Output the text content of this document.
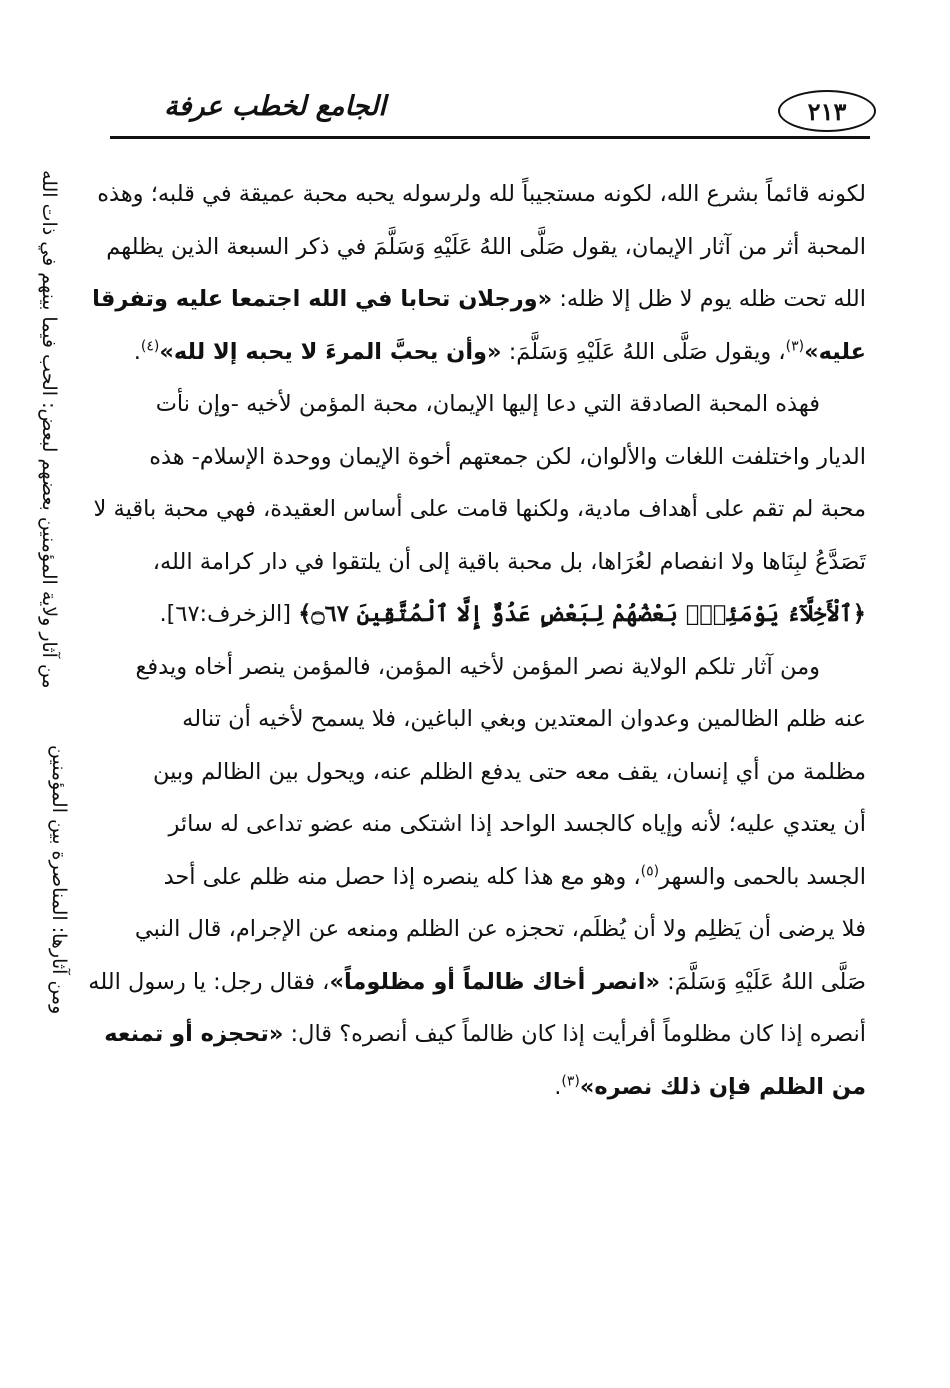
٢١٣
الجامع لخطب عرفة
من آثار ولاية المؤمنين بعضهم لبعض: الحب فيما بينهم في ذات الله
ومن آثارها: المناصرة بين المؤمنين

لكونه قائماً بشرع الله، لكونه مستجيباً لله ولرسوله يحبه محبة عميقة في قلبه؛ وهذه
المحبة أثر من آثار الإيمان، يقول صَلَّى اللهُ عَلَيْهِ وَسَلَّمَ في ذكر السبعة الذين يظلهم
الله تحت ظله يوم لا ظل إلا ظله: «ورجلان تحابا في الله اجتمعا عليه وتفرقا
عليه»$^{(٣)}$، ويقول صَلَّى اللهُ عَلَيْهِ وَسَلَّمَ: «وأن يحبَّ المرءَ لا يحبه إلا لله»$^{(٤)}$.

فهذه المحبة الصادقة التي دعا إليها الإيمان، محبة المؤمن لأخيه -وإن نأت
الديار واختلفت اللغات والألوان، لكن جمعتهم أخوة الإيمان ووحدة الإسلام- هذه
محبة لم تقم على أهداف مادية، ولكنها قامت على أساس العقيدة، فهي محبة باقية لا
تَصَدَّعُ لبِنَاها ولا انفصام لعُرَاها، بل محبة باقية إلى أن يلتقوا في دار كرامة الله،
﴿ٱلْأَخِلَّآءُ يَوْمَئِذٍۭ بَعْضُهُمْ لِبَعْضٍ عَدُوٌّ إِلَّا ٱلْمُتَّقِينَ ۝٦٧﴾ [الزخرف:٦٧].

ومن آثار تلكم الولاية نصر المؤمن لأخيه المؤمن، فالمؤمن ينصر أخاه ويدفع
عنه ظلم الظالمين وعدوان المعتدين وبغي الباغين، فلا يسمح لأخيه أن تناله
مظلمة من أي إنسان، يقف معه حتى يدفع الظلم عنه، ويحول بين الظالم وبين
أن يعتدي عليه؛ لأنه وإياه كالجسد الواحد إذا اشتكى منه عضو تداعى له سائر
الجسد بالحمى والسهر$^{(٥)}$، وهو مع هذا كله ينصره إذا حصل منه ظلم على أحد
فلا يرضى أن يَظلِم ولا أن يُظلَم، تحجزه عن الظلم ومنعه عن الإجرام، قال النبي
صَلَّى اللهُ عَلَيْهِ وَسَلَّمَ: «انصر أخاك ظالماً أو مظلوماً»، فقال رجل: يا رسول الله
أنصره إذا كان مظلوماً أفرأيت إذا كان ظالماً كيف أنصره؟ قال: «تحجزه أو تمنعه
من الظلم فإن ذلك نصره»$^{(٣)}$.
